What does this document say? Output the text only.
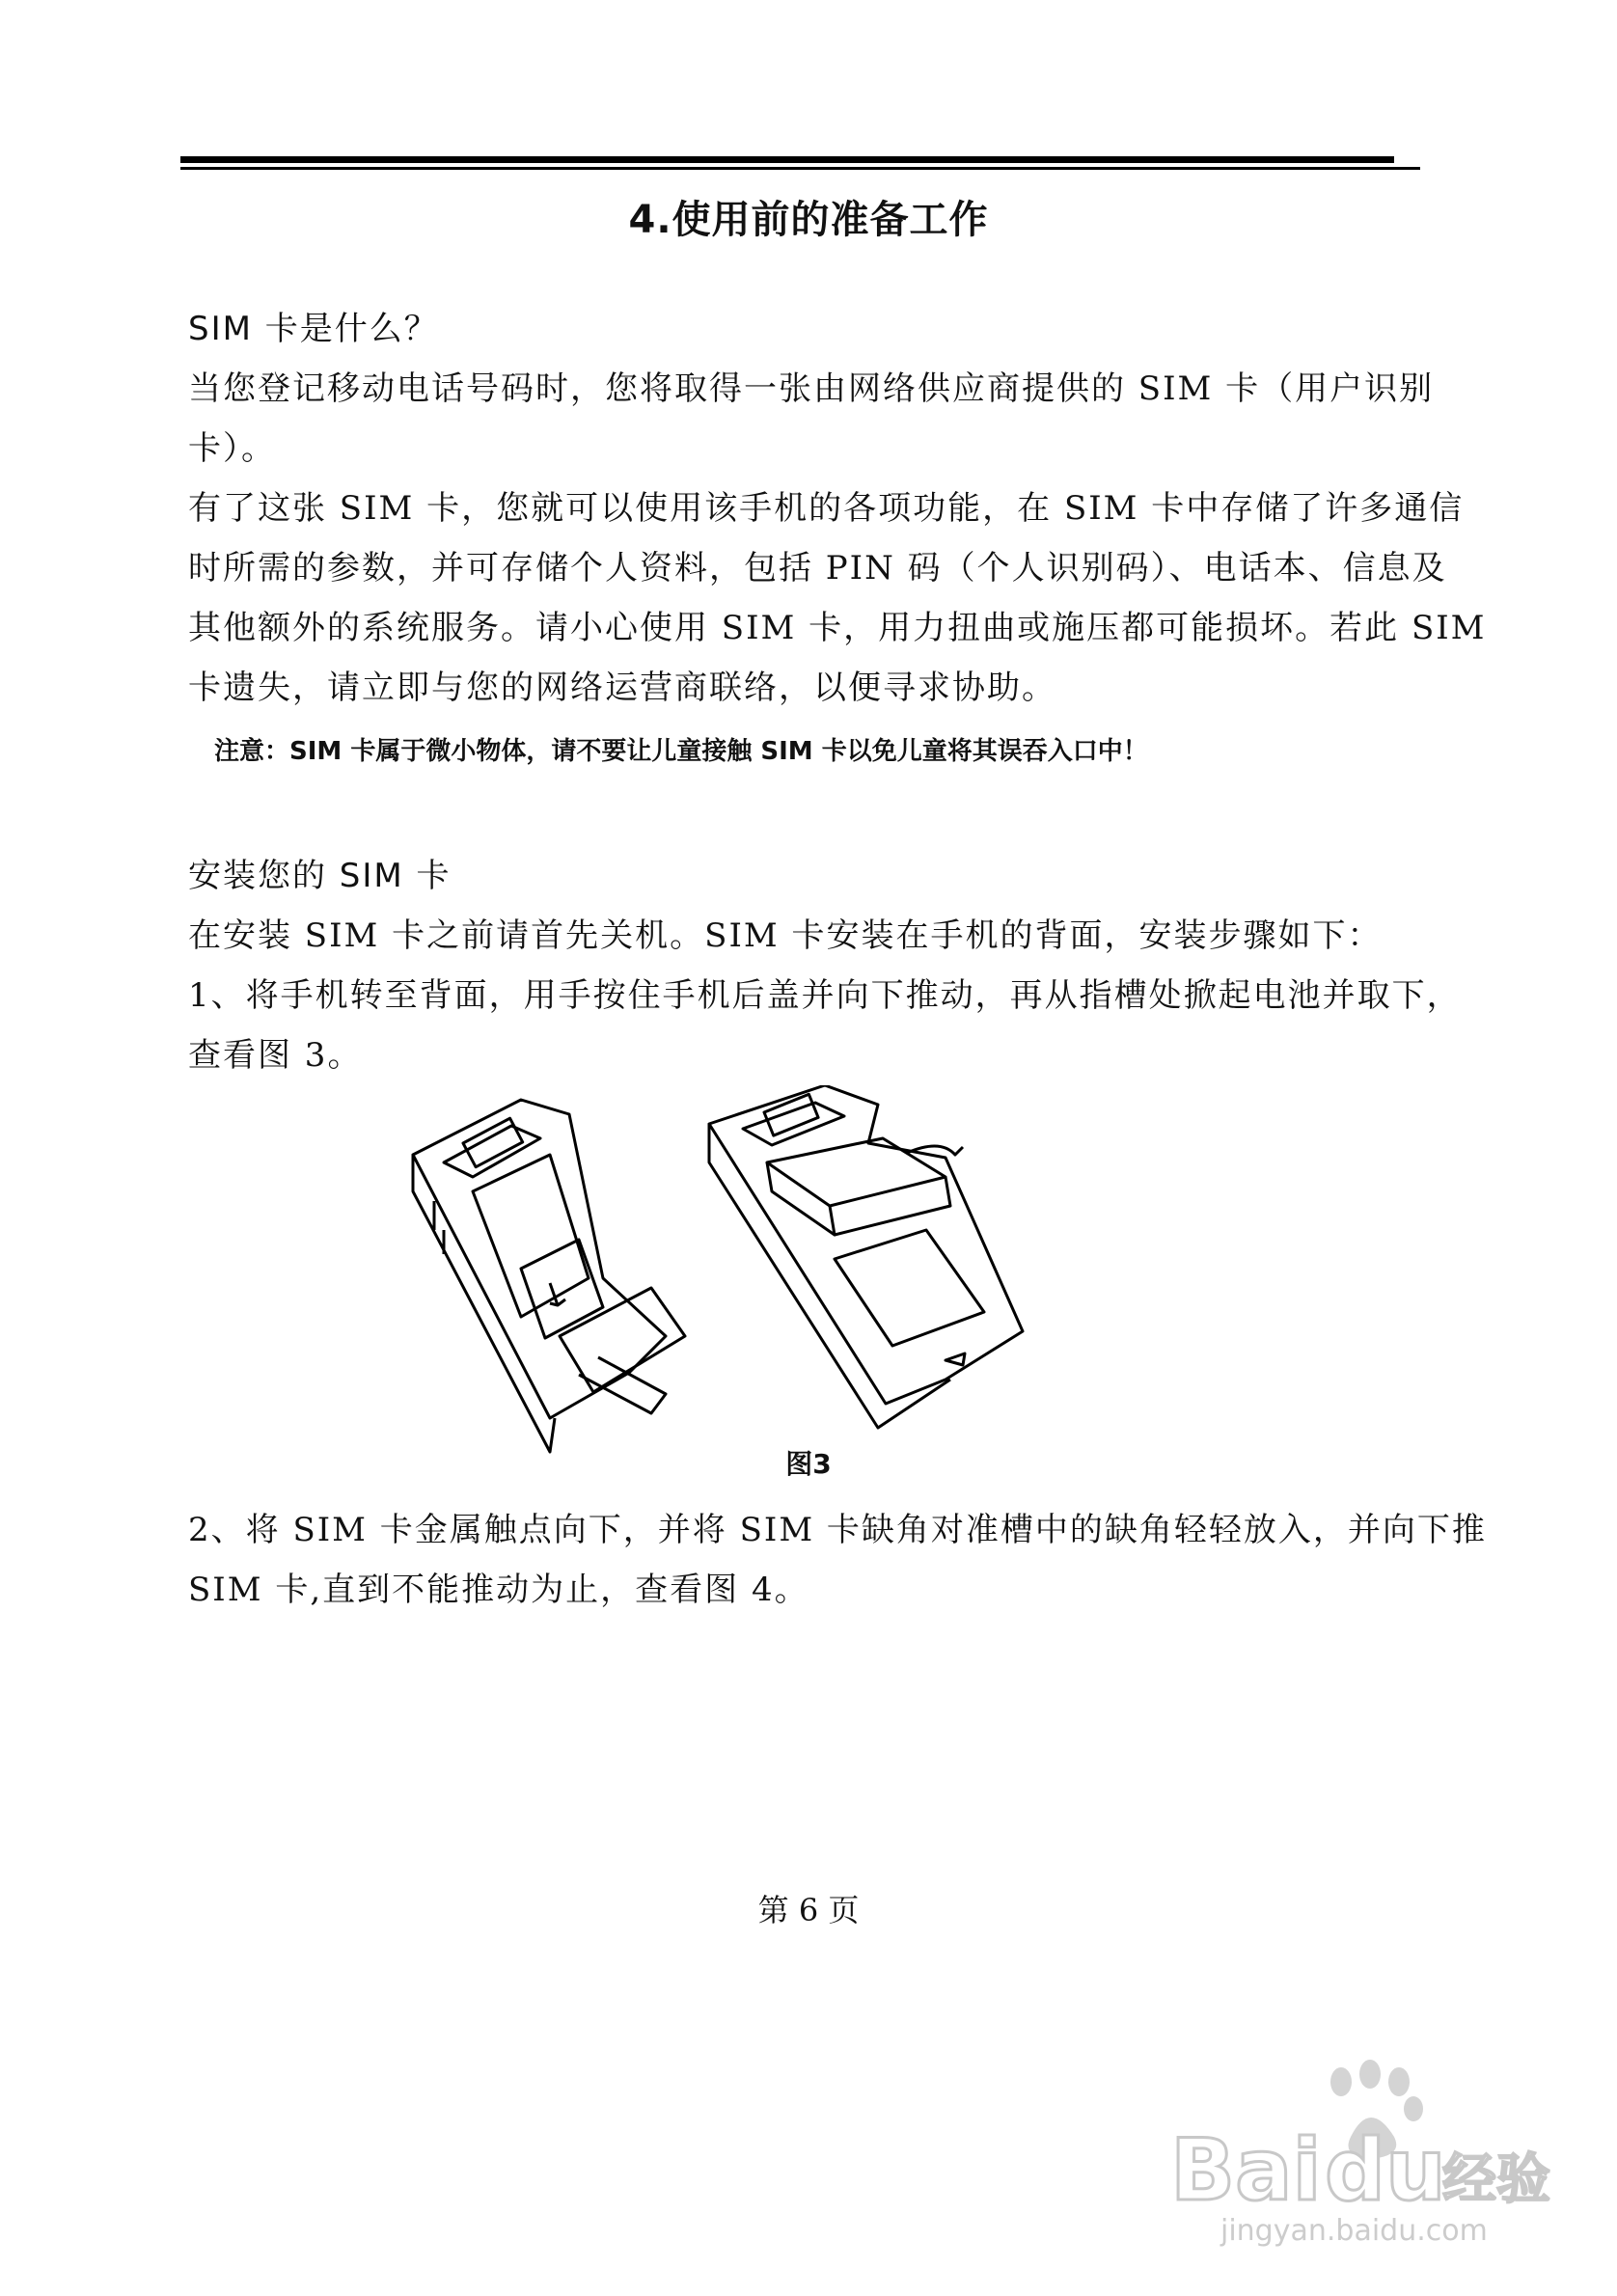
4.使用前的准备工作
SIM 卡是什么？
当您登记移动电话号码时，您将取得一张由网络供应商提供的 SIM 卡（用户识别
卡）。
有了这张 SIM 卡，您就可以使用该手机的各项功能，在 SIM 卡中存储了许多通信
时所需的参数，并可存储个人资料，包括 PIN 码（个人识别码）、电话本、信息及
其他额外的系统服务。请小心使用 SIM 卡，用力扭曲或施压都可能损坏。若此 SIM
卡遗失，请立即与您的网络运营商联络，以便寻求协助。
注意：SIM 卡属于微小物体，请不要让儿童接触 SIM 卡以免儿童将其误吞入口中！
安装您的 SIM 卡
在安装 SIM 卡之前请首先关机。SIM 卡安装在手机的背面，安装步骤如下：
1、将手机转至背面，用手按住手机后盖并向下推动，再从指槽处掀起电池并取下，
查看图 3。
图3
2、将 SIM 卡金属触点向下，并将 SIM 卡缺角对准槽中的缺角轻轻放入，并向下推
SIM 卡,直到不能推动为止，查看图 4。
第 6 页
Bai du
经验
jingyan.baidu.com
